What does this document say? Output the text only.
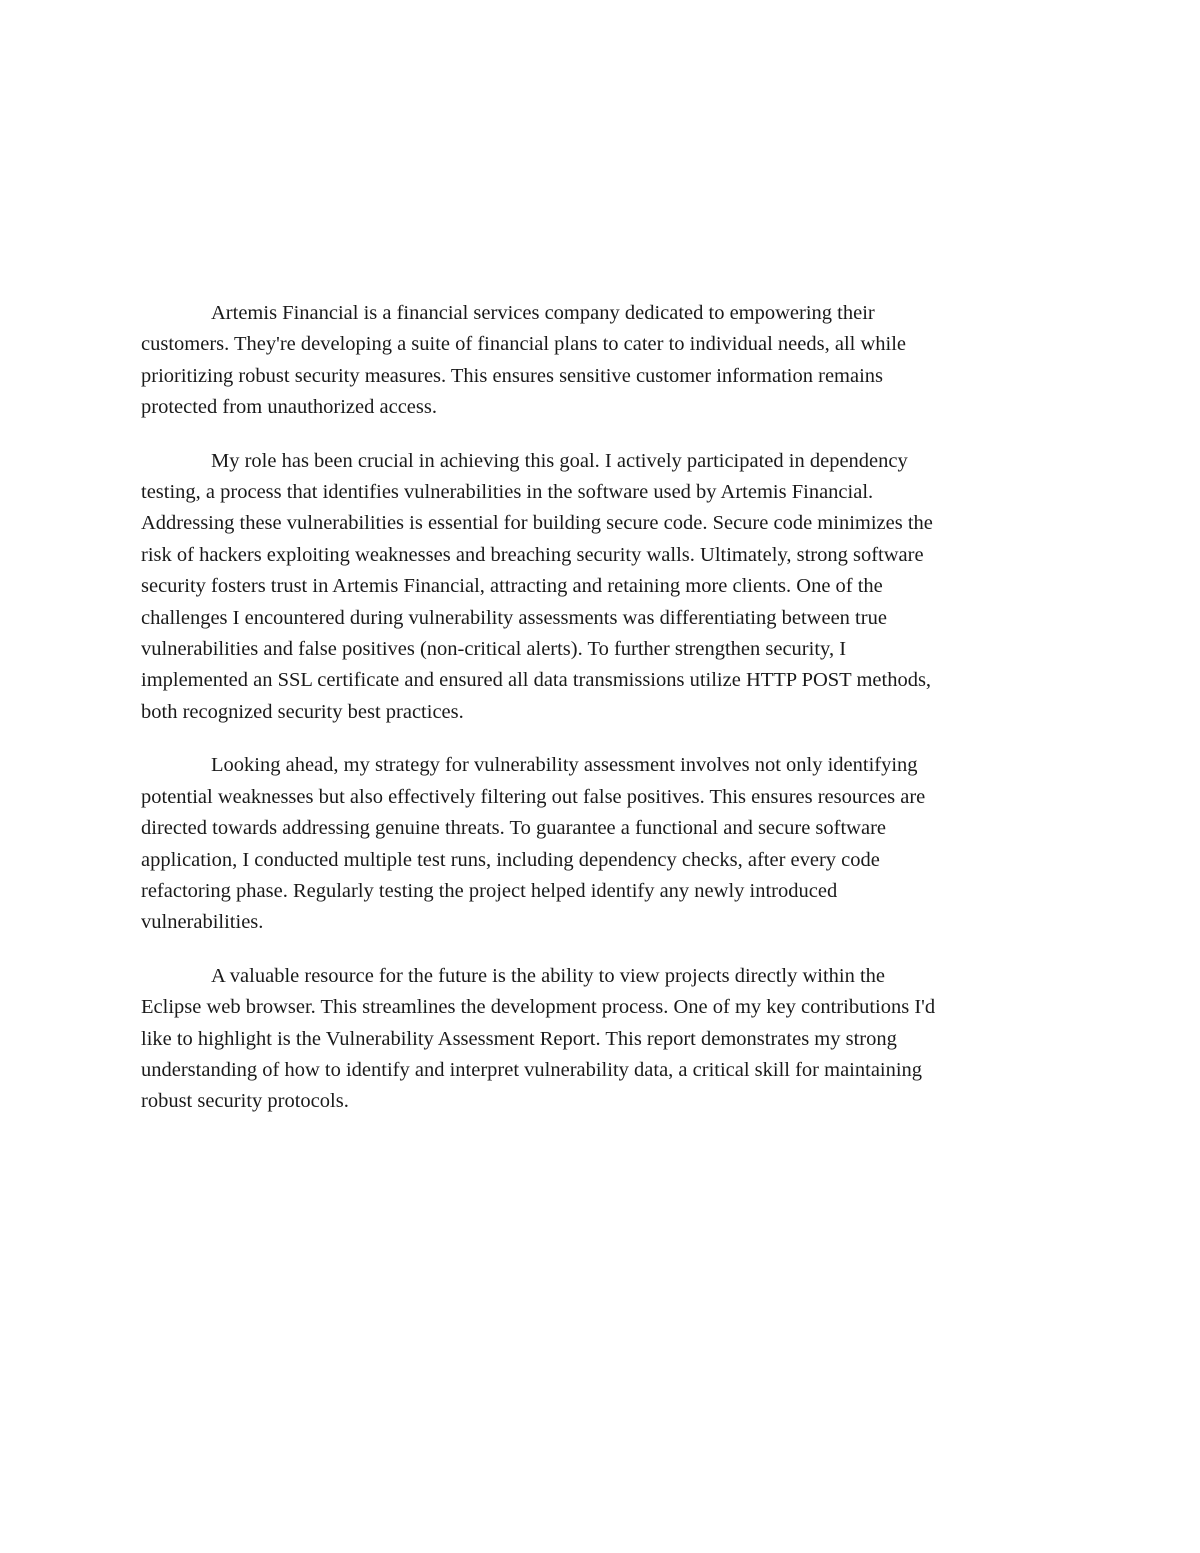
Artemis Financial is a financial services company dedicated to empowering their
customers. They're developing a suite of financial plans to cater to individual needs, all while
prioritizing robust security measures. This ensures sensitive customer information remains
protected from unauthorized access.

My role has been crucial in achieving this goal. I actively participated in dependency
testing, a process that identifies vulnerabilities in the software used by Artemis Financial.
Addressing these vulnerabilities is essential for building secure code. Secure code minimizes the
risk of hackers exploiting weaknesses and breaching security walls. Ultimately, strong software
security fosters trust in Artemis Financial, attracting and retaining more clients. One of the
challenges I encountered during vulnerability assessments was differentiating between true
vulnerabilities and false positives (non-critical alerts). To further strengthen security, I
implemented an SSL certificate and ensured all data transmissions utilize HTTP POST methods,
both recognized security best practices.

Looking ahead, my strategy for vulnerability assessment involves not only identifying
potential weaknesses but also effectively filtering out false positives. This ensures resources are
directed towards addressing genuine threats. To guarantee a functional and secure software
application, I conducted multiple test runs, including dependency checks, after every code
refactoring phase. Regularly testing the project helped identify any newly introduced
vulnerabilities.

A valuable resource for the future is the ability to view projects directly within the
Eclipse web browser. This streamlines the development process. One of my key contributions I'd
like to highlight is the Vulnerability Assessment Report. This report demonstrates my strong
understanding of how to identify and interpret vulnerability data, a critical skill for maintaining
robust security protocols.
